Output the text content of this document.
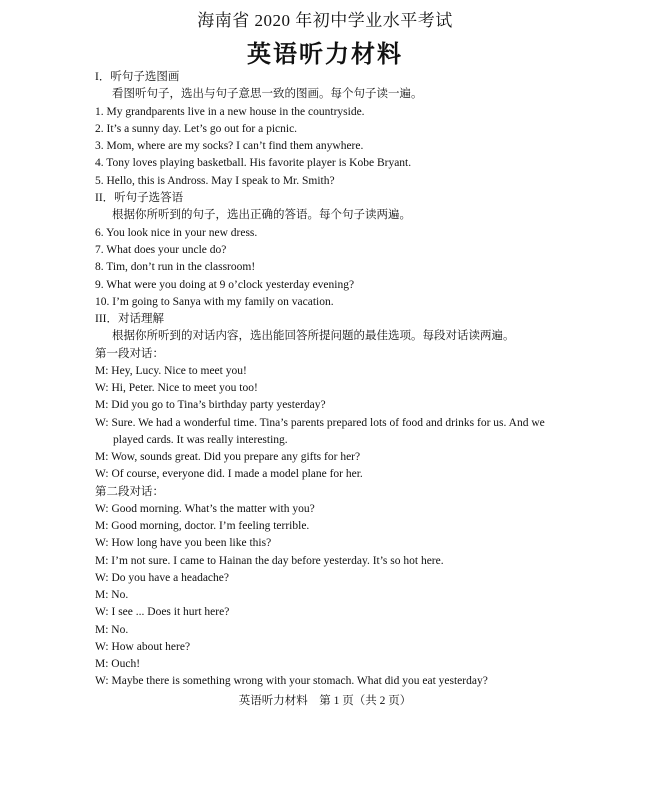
海南省 2020 年初中学业水平考试
英语听力材料
I．听句子选图画
看图听句子，选出与句子意思一致的图画。每个句子读一遍。
1. My grandparents live in a new house in the countryside.
2. It’s a sunny day. Let’s go out for a picnic.
3. Mom, where are my socks? I can’t find them anywhere.
4. Tony loves playing basketball. His favorite player is Kobe Bryant.
5. Hello, this is Andross. May I speak to Mr. Smith?
II．听句子选答语
根据你所听到的句子，选出正确的答语。每个句子读两遍。
6. You look nice in your new dress.
7. What does your uncle do?
8. Tim, don’t run in the classroom!
9. What were you doing at 9 o’clock yesterday evening?
10. I’m going to Sanya with my family on vacation.
III．对话理解
根据你所听到的对话内容，选出能回答所提问题的最佳选项。每段对话读两遍。
第一段对话：
M: Hey, Lucy. Nice to meet you!
W: Hi, Peter. Nice to meet you too!
M: Did you go to Tina’s birthday party yesterday?
W: Sure. We had a wonderful time. Tina’s parents prepared lots of food and drinks for us. And we
played cards. It was really interesting.
M: Wow, sounds great. Did you prepare any gifts for her?
W: Of course, everyone did. I made a model plane for her.
第二段对话：
W: Good morning. What’s the matter with you?
M: Good morning, doctor. I’m feeling terrible.
W: How long have you been like this?
M: I’m not sure. I came to Hainan the day before yesterday. It’s so hot here.
W: Do you have a headache?
M: No.
W: I see ... Does it hurt here?
M: No.
W: How about here?
M: Ouch!
W: Maybe there is something wrong with your stomach. What did you eat yesterday?
英语听力材料　第 1 页（共 2 页）
